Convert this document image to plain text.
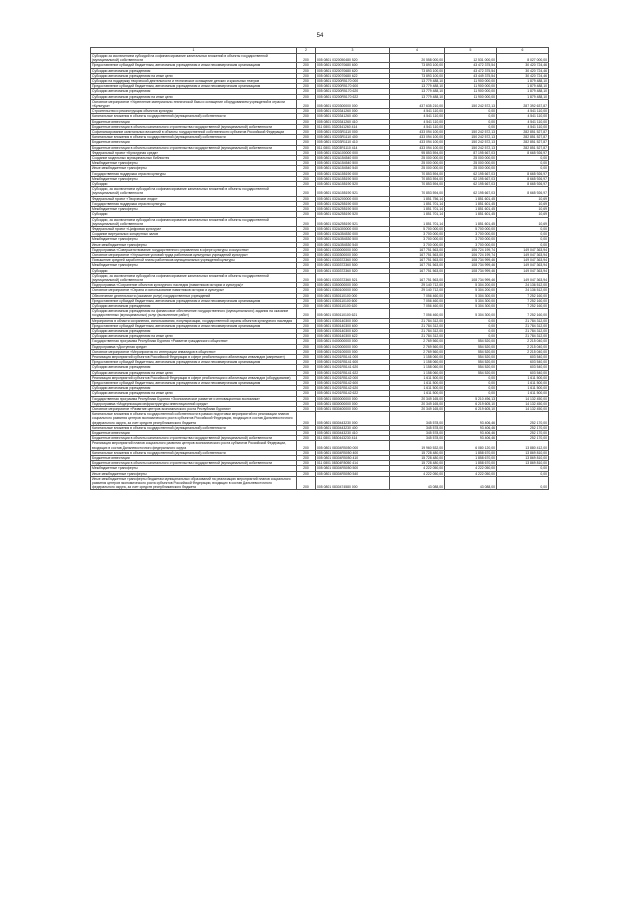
54
1	2	3	4	5	6
Субсидии за исключением субсидий на софинансирование капитальных вложений в объекты государственной (муниципальной) собственности	200	005 0801 0320050480 520	20 558 000,00	12 531 000,00	8 027 000,00
Предоставление субсидий бюджетным, автономным учреждениям и иным некоммерческим организациям	200	005 0801 0320070680 600	73 893 100,00	43 472 375,54	30 420 724,46
Субсидии автономным учреждениям	200	005 0801 0320070680 620	73 893 100,00	43 472 375,54	30 420 724,46
Субсидии автономным учреждениям на иные цели	200	005 0801 0320070680 622	73 893 100,00	43 449 375,54	30 420 724,46
Субсидии на поддержку творческой деятельности и техническое оснащение детских и кукольных театров	200	005 0801 03200R5170 000	13 779 488,10	11 900 000,00	1 879 488,10
Предоставление субсидий бюджетным, автономным учреждениям и иным некоммерческим организациям	200	005 0801 03200R5170 600	13 779 488,10	11 900 000,00	1 879 488,10
Субсидии автономным учреждениям	200	005 0801 03200R5170 620	13 779 488,10	11 900 000,00	1 879 488,10
Субсидии автономным учреждениям на иные цели	200	005 0801 03200R5170 622	13 779 488,10	11 900 000,00	1 879 488,10
Основное мероприятие «Укрепление материально-технической базы и оснащение оборудованием учреждений в отрасли «Культура»	200	005 0801 0320300000 000	437 635 210,00	150 242 572,13	287 392 637,87
Строительство и реконструкция объектов культуры	200	005 0801 0320341260 000	4 541 110,00	0,00	4 541 110,00
Капитальные вложения в объекты государственной (муниципальной) собственности	200	005 0801 0320341260 400	4 541 110,00	0,00	4 541 110,00
Бюджетные инвестиции	200	005 0801 0320341260 410	4 541 110,00	0,00	4 541 110,00
Бюджетные инвестиции в объекты капитального строительства государственной (муниципальной) собственности	200	011 0801 0320341260 414	4 541 110,00	0,00	4 541 110,00
Софинансирование капитальных вложений в объекты государственной собственности субъектов Российской Федерации	200	005 0801 03203R1110 000	433 094 100,00	150 242 572,13	282 851 527,87
Капитальные вложения в объекты государственной (муниципальной) собственности	200	005 0801 03203R1110 400	433 094 100,00	150 242 572,13	282 851 527,87
Бюджетные инвестиции	200	005 0801 03203R1110 410	433 094 100,00	150 242 572,13	282 851 527,87
Бюджетные инвестиции в объекты капитального строительства государственной (муниципальной) собственности	200	011 0801 03203R1110 414	433 094 100,00	150 242 572,13	282 851 527,87
Федеральный проект «Культурная среда»	200	005 0801 032A100000 000	95 853 594,00	87 195 667,03	8 665 926,97
Создание модельных муниципальных библиотек	200	005 0801 032A154540 000	25 000 000,00	25 000 000,00	0,00
Межбюджетные трансферты	200	005 0801 032A154540 500	25 000 000,00	25 000 000,00	0,00
Иные межбюджетные трансферты	200	005 0801 032A154540 540	25 000 000,00	25 000 000,00	0,00
Государственная поддержка отрасли культуры	200	005 0801 032A155190 000	70 853 594,00	62 195 667,03	8 665 926,97
Межбюджетные трансферты	200	005 0801 032A155190 500	70 853 594,00	62 195 667,03	8 665 926,97
Субсидии	200	005 0801 032A155190 520	70 853 594,00	62 195 667,03	8 665 926,97
Субсидии, за исключением субсидий на софинансирование капитальных вложений в объекты государственной (муниципальной) собственности	200	005 0801 032A155190 521	70 853 594,00	62 195 667,03	8 665 926,97
Федеральный проект «Творческие люди»	200	005 0801 032A200000 000	1 851 756,14	1 851 601,45	10,69
Государственная поддержка отрасли культуры	200	005 0801 032A255190 000	1 851 701,14	1 851 601,45	10,69
Межбюджетные трансферты	200	005 0801 032A255190 500	1 851 701,14	1 851 601,45	10,69
Субсидии	200	005 0801 032A255190 520	1 851 701,14	1 851 601,45	10,69
Субсидии, за исключением субсидий на софинансирование капитальных вложений в объекты государственной (муниципальной) собственности	200	005 0801 032A255190 521	1 851 701,14	1 851 601,45	10,69
Федеральный проект «Цифровая культура»	200	005 0801 032A300000 000	5 700 000,00	5 700 000,00	0,00
Создание виртуальных концертных залов	200	005 0801 032A354530 000	3 700 000,00	3 700 000,00	0,00
Межбюджетные трансферты	200	005 0801 032A354530 500	3 700 000,00	3 700 000,00	0,00
Иные межбюджетные трансферты	200	005 0801 032A354530 540	3 700 000,00	3 700 000,00	0,00
Подпрограмма «Совершенствование государственного управления в сфере культуры и искусства»	200	005 0801 0330000000 000	167 751 563,00	106 724 199,74	149 047 363,94
Основное мероприятие «Улучшение условий труда работников культурных учреждений культуры»	200	005 0801 0330300000 000	167 751 563,00	106 724 199,74	149 047 363,94
Повышение средней заработной платы работников муниципальных учреждений культуры	200	005 0801 0330372360 000	167 751 563,00	108 734 999,46	149 047 363,94
Межбюджетные трансферты	200	005 0801 0330372360 500	167 751 563,00	108 734 999,46	149 047 363,94
Субсидии	200	005 0801 0330372360 520	167 751 563,00	108 734 999,46	149 047 363,94
Субсидии, за исключением субсидий на софинансирование капитальных вложений в объекты государственной (муниципальной) собственности	200	005 0801 0330372360 521	167 751 563,00	108 734 999,46	149 047 363,94
Подпрограмма «Сохранение объектов культурного наследия (памятников истории и культуры)»	200	005 0801 0350000000 000	29 140 712,00	5 304 200,00	24 136 512,00
Основное мероприятие «Охрана и использование памятников истории и культуры»	200	005 0801 0350100000 000	29 140 712,00	5 304 200,00	24 136 512,00
Обеспечение деятельности (оказание услуг) государственных учреждений	200	005 0801 0350110100 000	7 056 460,00	5 304 300,00	7 252 160,00
Предоставление субсидий бюджетным, автономным учреждениям и иным некоммерческим организациям	200	005 0801 0350110100 600	7 056 460,00	5 304 300,00	7 252 160,00
Субсидии автономным учреждениям	200	005 0801 0350110100 620	7 056 460,00	5 304 300,00	7 252 160,00
Субсидии автономным учреждениям на финансовое обеспечение государственного (муниципального) задания на оказание государственных (муниципальных) услуг (выполнение работ)	200	005 0801 0350110100 621	7 056 460,00	5 304 300,00	7 252 160,00
Мероприятия в области сохранения, использования, популяризации, государственной охраны объектов культурного наследия	200	005 0801 0350140300 000	21 784 312,00	0,00	21 784 312,00
Предоставление субсидий бюджетным, автономным учреждениям и иным некоммерческим организациям	200	005 0801 0350140300 600	21 784 312,00	0,00	21 784 312,00
Субсидии автономным учреждениям	200	005 0801 0350140300 620	21 784 312,00	0,00	21 784 312,00
Субсидии автономным учреждениям на иные цели	200	005 0801 0350140300 622	21 784 312,00	0,00	21 784 312,00
Государственная программа Республики Бурятия «Развитие гражданского общества»	200	005 0801 0400000000 000	2 769 560,00	554 520,00	2 215 040,00
Подпрограмма «Доступная среда»	200	005 0801 0420000000 000	2 769 560,00	554 520,00	2 215 040,00
Основное мероприятие «Мероприятия по интеграции инвалидов в общество»	200	005 0801 0420100000 000	2 769 560,00	554 520,00	2 215 040,00
Реализация мероприятий субъектов Российской Федерации в сфере реабилитации и абилитации инвалидов (капремонт)	200	005 0801 04201R5141 000	1 158 060,00	554 520,00	603 540,00
Предоставление субсидий бюджетным, автономным учреждениям и иным некоммерческим организациям	200	005 0801 04201R5141 600	1 158 060,00	554 520,00	603 540,00
Субсидии автономным учреждениям	200	005 0801 04201R5141 620	1 158 060,00	554 520,00	603 540,00
Субсидии автономным учреждениям на иные цели	200	005 0801 04201R5141 622	1 158 060,00	554 520,00	603 540,00
Реализация мероприятий субъектов Российской Федерации в сфере реабилитации и абилитации инвалидов (оборудование)	200	005 0801 04201R5142 000	1 611 500,00	0,00	1 611 500,00
Предоставление субсидий бюджетным, автономным учреждениям и иным некоммерческим организациям	200	005 0801 04201R5142 600	1 611 500,00	0,00	1 611 500,00
Субсидии автономным учреждениям	200	005 0801 04201R5142 620	1 611 500,00	0,00	1 611 500,00
Субсидии автономным учреждениям на иные цели	200	005 0801 04201R5142 622	1 611 500,00	0,00	1 611 500,00
Государственная программа Республики Бурятия «Экономическое развитие и инновационная экономика»	200	005 0801 0800000000 000	20 349 165,00	5 210 496,13	14 132 450,00
Подпрограмма «Модернизация инфраструктуры инвестиционной среды»	200	005 0801 0830000000 000	20 349 165,00	6 219 605,10	14 132 450,00
Основное мероприятие «Развитие центров экономического роста Республики Бурятия»	200	005 0801 0830400000 000	20 349 165,00	6 219 605,10	14 132 450,00
Капитальные вложения в объекты государственной собственности в рамках подготовки мероприятий по реализации планов социального развития центров экономического роста субъектов Российской Федерации, входящих в состав Дальневосточного федерального округа, за счет средств республиканского бюджета	200	005 0801 0830443230 000	345 578,00	93 406,46	252 170,00
Капитальные вложения в объекты государственной (муниципальной) собственности	200	005 0801 0830443230 400	345 578,00	93 406,46	252 170,00
Бюджетные инвестиции	200	005 0801 0830443230 410	345 578,00	93 406,46	252 170,00
Бюджетные инвестиции в объекты капитального строительства государственной (муниципальной) собственности	200	011 0801 0830443230 414	345 578,00	93 406,46	252 170,00
Реализация мероприятий планов социального развития центров экономического роста субъектов Российской Федерации, входящих в состав Дальневосточного федерального округа	200	005 0801 08304R5050 000	19 960 532,00	6 080 120,00	13 880 412,00
Капитальные вложения в объекты государственной (муниципальной) собственности	200	005 0801 08304R5050 400	15 728 480,00	1 858 670,00	13 869 810,00
Бюджетные инвестиции	200	005 0801 08304R5050 410	15 728 480,00	1 858 670,00	13 869 810,00
Бюджетные инвестиции в объекты капитального строительства государственной (муниципальной) собственности	200	011 0801 08304R5050 414	15 728 480,00	1 858 670,00	13 869 810,00
Межбюджетные трансферты	200	005 0801 08304R5050 500	4 222 050,00	4 222 050,00	0,00
Иные межбюджетные трансферты	200	005 0801 08304R5050 540	4 222 050,00	4 222 050,00	0,00
Иные межбюджетные трансферты бюджетам муниципальных образований на реализацию мероприятий планов социального развития центров экономического роста субъектов Российской Федерации, входящих в состав Дальневосточного федерального округа, за счет средств республиканского бюджета	200	005 0801 0830474580 000	43 088,00	43 088,00	0,00
